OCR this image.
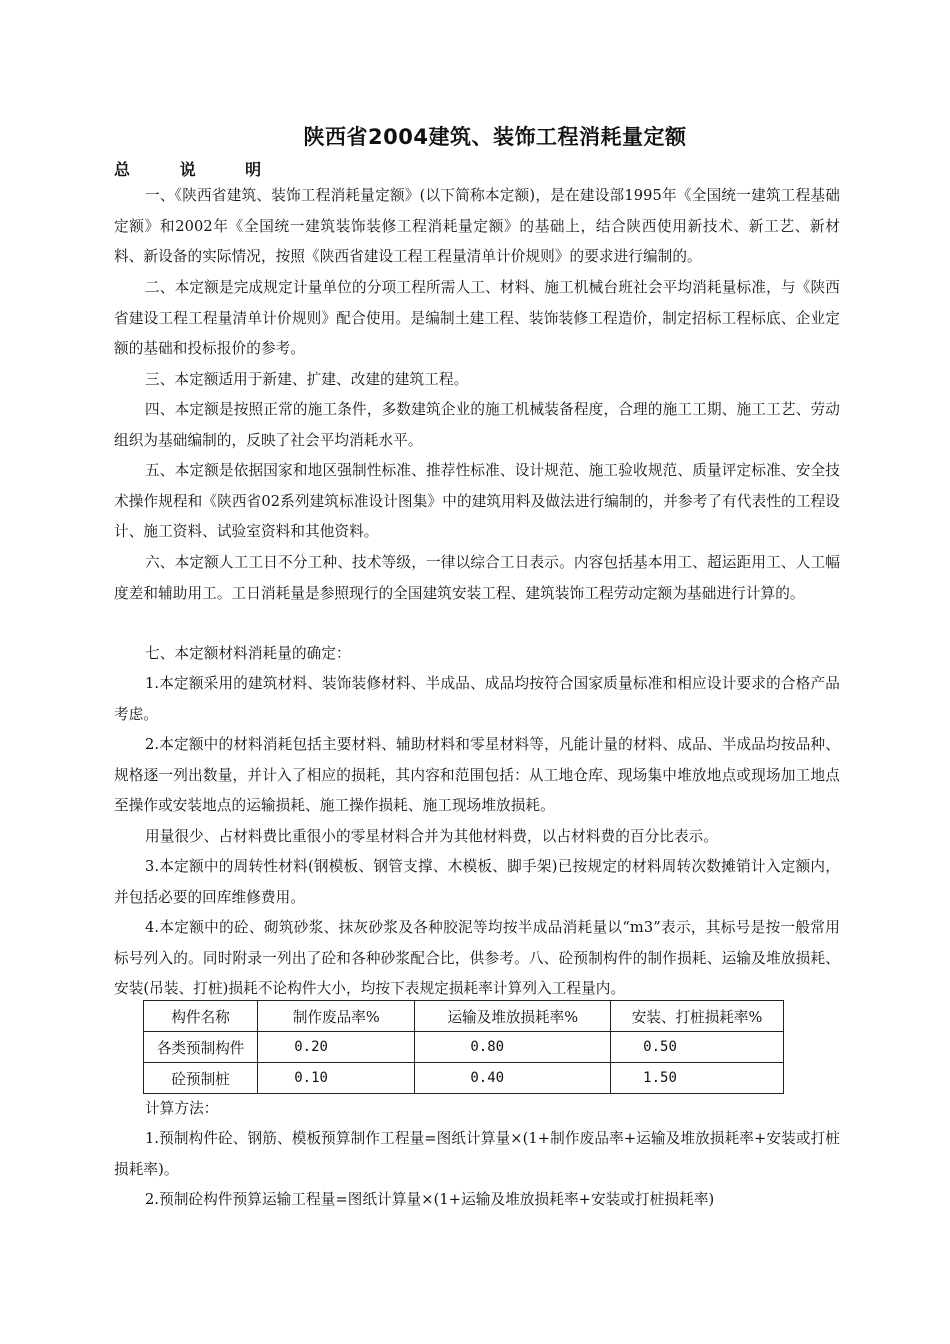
陕西省2004建筑、装饰工程消耗量定额
总 说 明
一、《陕西省建筑、装饰工程消耗量定额》(以下简称本定额)，是在建设部1995年《全国统一建筑工程基础定额》和2002年《全国统一建筑装饰装修工程消耗量定额》的基础上，结合陕西使用新技术、新工艺、新材料、新设备的实际情况，按照《陕西省建设工程工程量清单计价规则》的要求进行编制的。
二、本定额是完成规定计量单位的分项工程所需人工、材料、施工机械台班社会平均消耗量标准，与《陕西省建设工程工程量清单计价规则》配合使用。是编制土建工程、装饰装修工程造价，制定招标工程标底、企业定额的基础和投标报价的参考。
三、本定额适用于新建、扩建、改建的建筑工程。
四、本定额是按照正常的施工条件，多数建筑企业的施工机械装备程度，合理的施工工期、施工工艺、劳动组织为基础编制的，反映了社会平均消耗水平。
五、本定额是依据国家和地区强制性标准、推荐性标准、设计规范、施工验收规范、质量评定标准、安全技术操作规程和《陕西省02系列建筑标准设计图集》中的建筑用料及做法进行编制的，并参考了有代表性的工程设计、施工资料、试验室资料和其他资料。
六、本定额人工工日不分工种、技术等级，一律以综合工日表示。内容包括基本用工、超运距用工、人工幅度差和辅助用工。工日消耗量是参照现行的全国建筑安装工程、建筑装饰工程劳动定额为基础进行计算的。
七、本定额材料消耗量的确定：
1.本定额采用的建筑材料、装饰装修材料、半成品、成品均按符合国家质量标准和相应设计要求的合格产品考虑。
2.本定额中的材料消耗包括主要材料、辅助材料和零星材料等，凡能计量的材料、成品、半成品均按品种、规格逐一列出数量，并计入了相应的损耗，其内容和范围包括：从工地仓库、现场集中堆放地点或现场加工地点至操作或安装地点的运输损耗、施工操作损耗、施工现场堆放损耗。
用量很少、占材料费比重很小的零星材料合并为其他材料费，以占材料费的百分比表示。
3.本定额中的周转性材料(钢模板、钢管支撑、木模板、脚手架)已按规定的材料周转次数摊销计入定额内，并包括必要的回库维修费用。
4.本定额中的砼、砌筑砂浆、抹灰砂浆及各种胶泥等均按半成品消耗量以“m3”表示，其标号是按一般常用标号列入的。同时附录一列出了砼和各种砂浆配合比，供参考。八、砼预制构件的制作损耗、运输及堆放损耗、安装(吊装、打桩)损耗不论构件大小，均按下表规定损耗率计算列入工程量内。
构件名称	制作废品率%	运输及堆放损耗率%	安装、打桩损耗率%
各类预制构件	0.20	0.80	0.50
砼预制桩	0.10	0.40	1.50
计算方法：
1.预制构件砼、钢筋、模板预算制作工程量=图纸计算量×(1+制作废品率+运输及堆放损耗率+安装或打桩损耗率)。
2.预制砼构件预算运输工程量=图纸计算量×(1+运输及堆放损耗率+安装或打桩损耗率)
